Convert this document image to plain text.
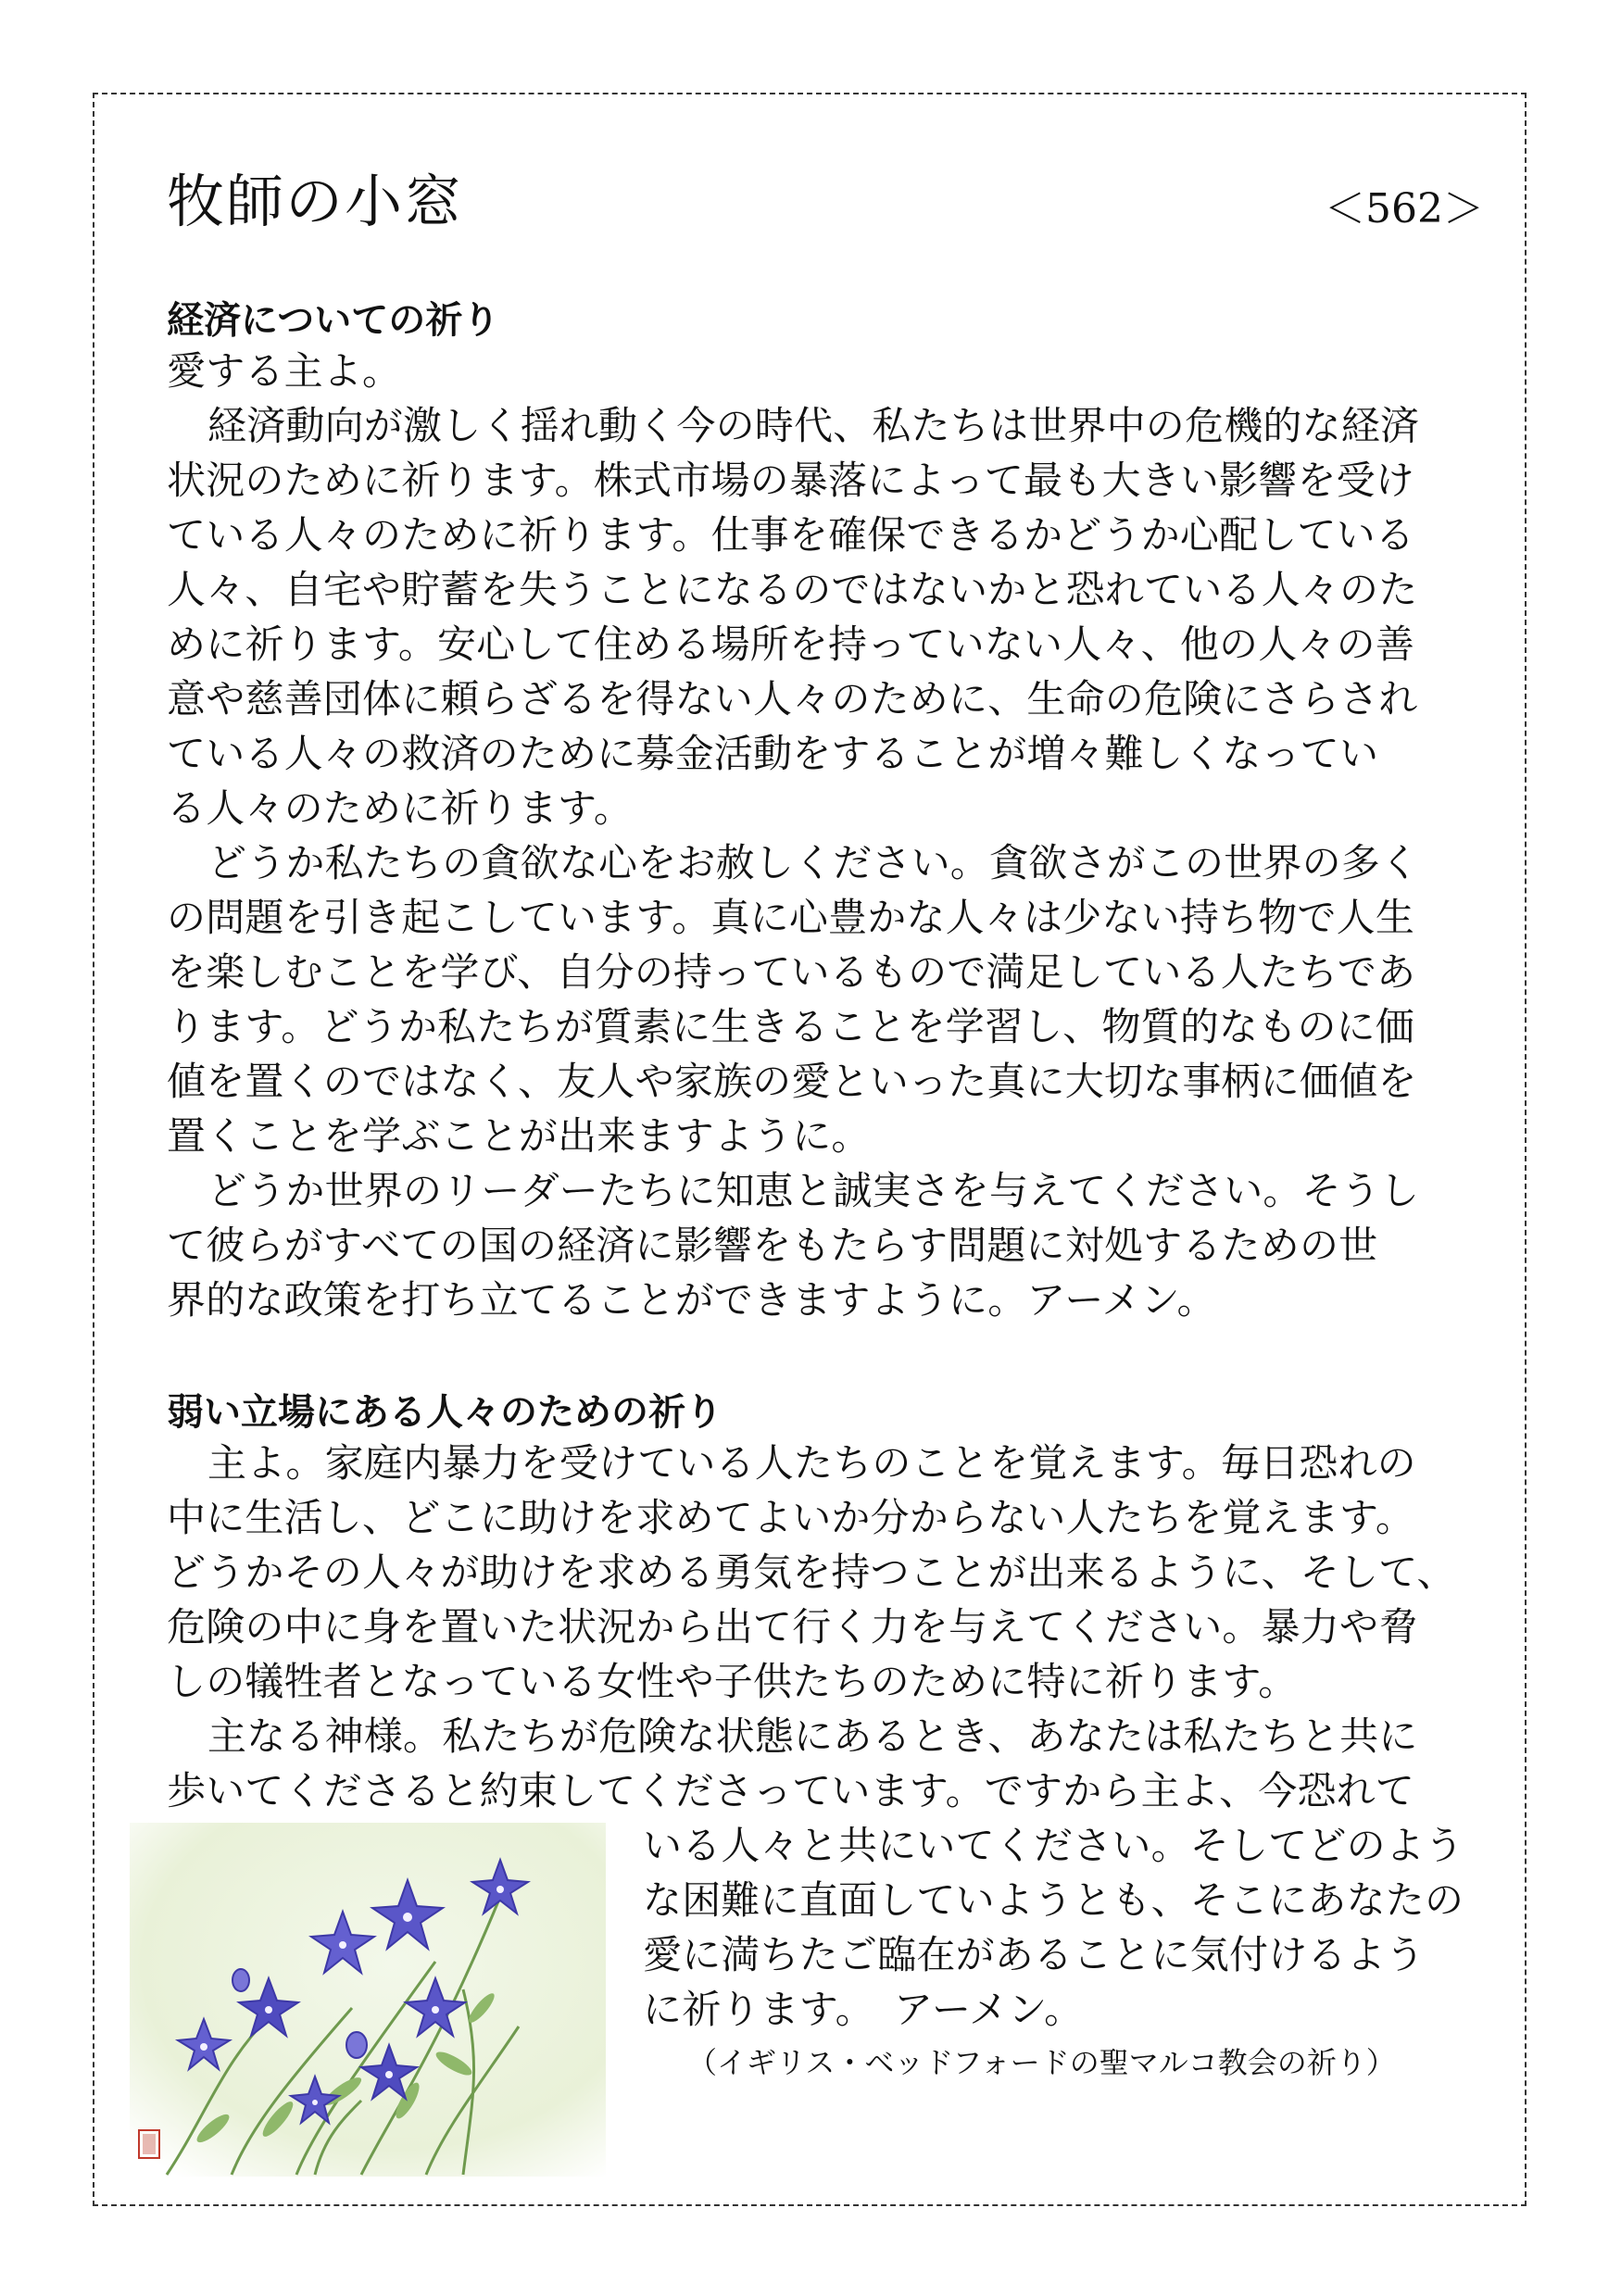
牧師の小窓	＜562＞
経済についての祈り
愛する主よ。
経済動向が激しく揺れ動く今の時代、私たちは世界中の危機的な経済
状況のために祈ります。株式市場の暴落によって最も大きい影響を受け
ている人々のために祈ります。仕事を確保できるかどうか心配している
人々、自宅や貯蓄を失うことになるのではないかと恐れている人々のた
めに祈ります。安心して住める場所を持っていない人々、他の人々の善
意や慈善団体に頼らざるを得ない人々のために、生命の危険にさらされ
ている人々の救済のために募金活動をすることが増々難しくなってい
る人々のために祈ります。
どうか私たちの貪欲な心をお赦しください。貪欲さがこの世界の多く
の問題を引き起こしています。真に心豊かな人々は少ない持ち物で人生
を楽しむことを学び、自分の持っているもので満足している人たちであ
ります。どうか私たちが質素に生きることを学習し、物質的なものに価
値を置くのではなく、友人や家族の愛といった真に大切な事柄に価値を
置くことを学ぶことが出来ますように。
どうか世界のリーダーたちに知恵と誠実さを与えてください。そうし
て彼らがすべての国の経済に影響をもたらす問題に対処するための世
界的な政策を打ち立てることができますように。アーメン。
弱い立場にある人々のための祈り
主よ。家庭内暴力を受けている人たちのことを覚えます。毎日恐れの
中に生活し、どこに助けを求めてよいか分からない人たちを覚えます。
どうかその人々が助けを求める勇気を持つことが出来るように、そして、
危険の中に身を置いた状況から出て行く力を与えてください。暴力や脅
しの犠牲者となっている女性や子供たちのために特に祈ります。
主なる神様。私たちが危険な状態にあるとき、あなたは私たちと共に
歩いてくださると約束してくださっています。ですから主よ、今恐れて
いる人々と共にいてください。そしてどのよう
な困難に直面していようとも、そこにあなたの
愛に満ちたご臨在があることに気付けるよう
に祈ります。　アーメン。
（イギリス・ベッドフォードの聖マルコ教会の祈り）
